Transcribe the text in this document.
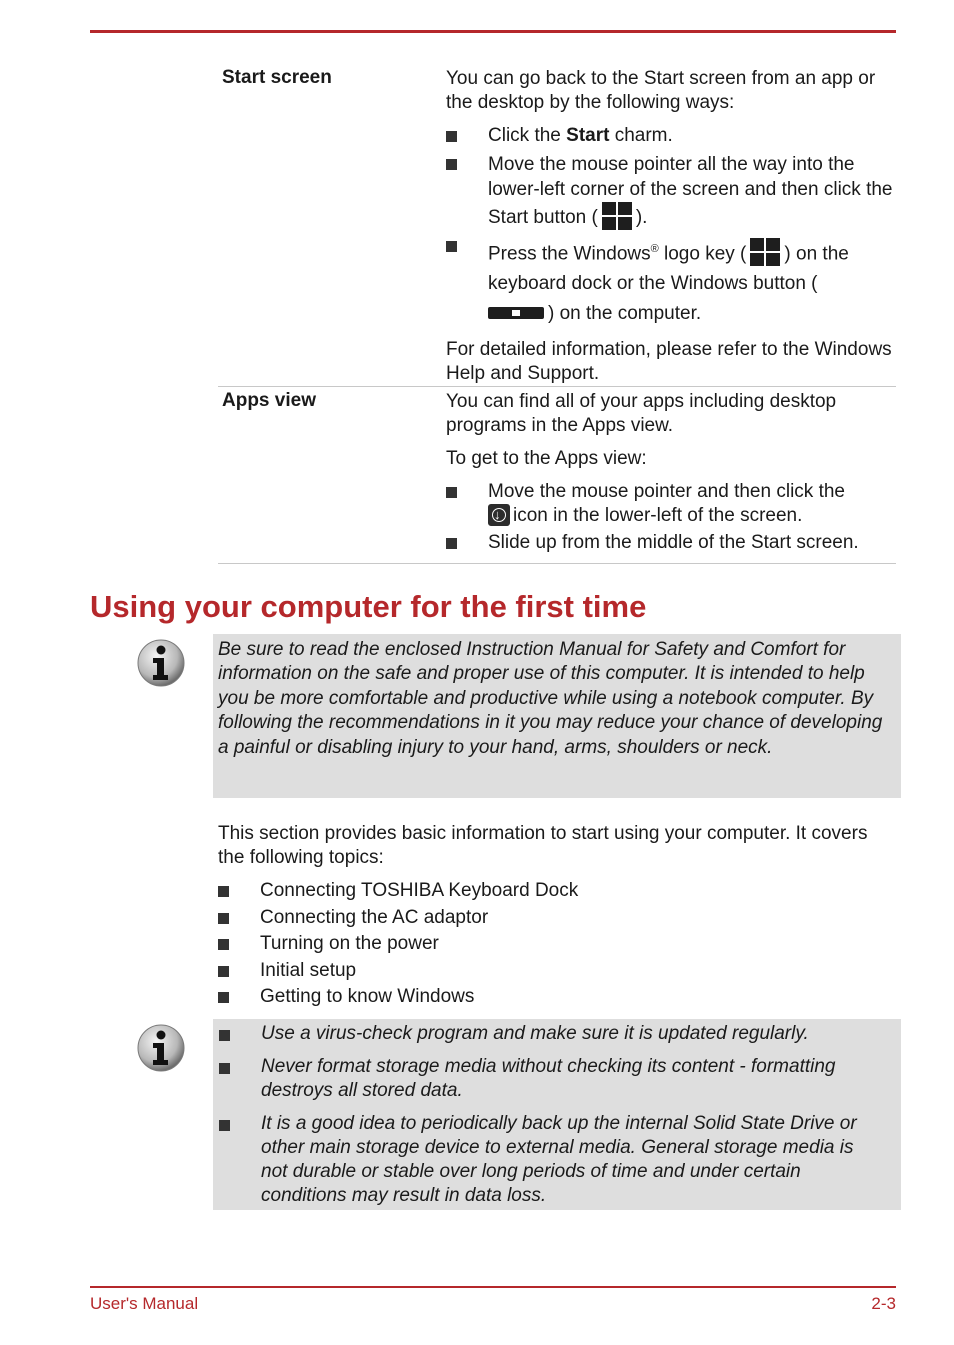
Start screen	You can go back to the Start screen from an app or the desktop by the following ways:

Click the Start charm.
Move the mouse pointer all the way into the lower-left corner of the screen and then click the Start button ( ).
Press the Windows® logo key ( ) on the keyboard dock or the Windows button (
) on the computer.

For detailed information, please refer to the Windows Help and Support.

Apps view	You can find all of your apps including desktop programs in the Apps view.

To get to the Apps view:

Move the mouse pointer and then click the
↓icon in the lower-left of the screen.
Slide up from the middle of the Start screen.
Using your computer for the first time

Be sure to read the enclosed Instruction Manual for Safety and Comfort for information on the safe and proper use of this computer. It is intended to help you be more comfortable and productive while using a notebook computer. By following the recommendations in it you may reduce your chance of developing a painful or disabling injury to your hand, arms, shoulders or neck.

This section provides basic information to start using your computer. It covers the following topics:

Connecting TOSHIBA Keyboard Dock
Connecting the AC adaptor
Turning on the power
Initial setup
Getting to know Windows
Use a virus-check program and make sure it is updated regularly.
Never format storage media without checking its content - formatting destroys all stored data.
It is a good idea to periodically back up the internal Solid State Drive or other main storage device to external media. General storage media is not durable or stable over long periods of time and under certain conditions may result in data loss.
User's Manual	2-3
